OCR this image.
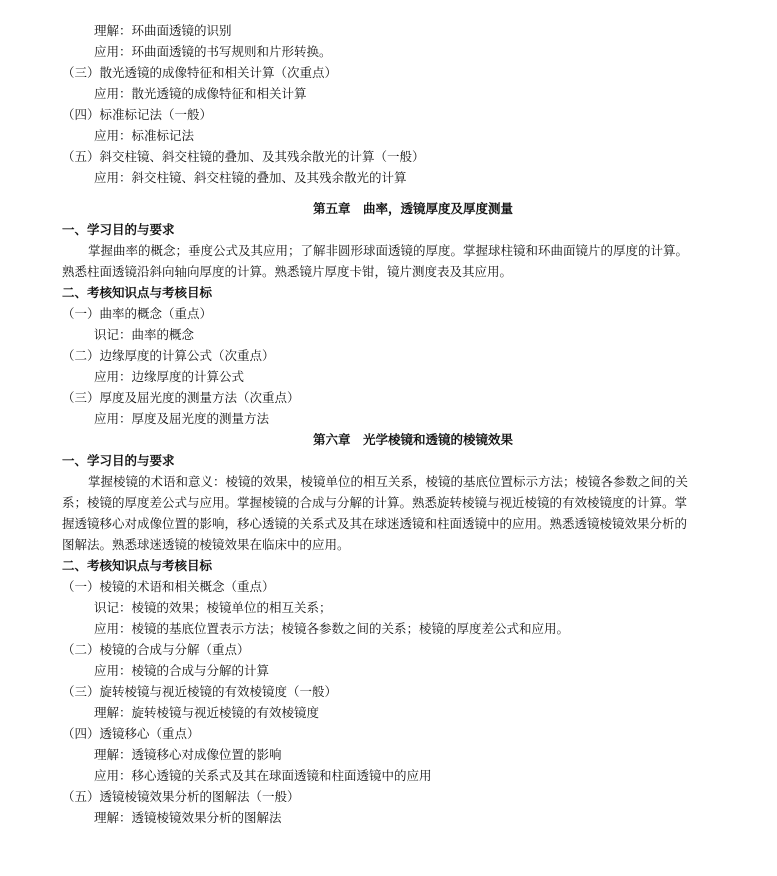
理解：环曲面透镜的识别
应用：环曲面透镜的书写规则和片形转换。
（三）散光透镜的成像特征和相关计算（次重点）
应用：散光透镜的成像特征和相关计算
（四）标准标记法（一般）
应用：标准标记法
（五）斜交柱镜、斜交柱镜的叠加、及其残余散光的计算（一般）
应用：斜交柱镜、斜交柱镜的叠加、及其残余散光的计算
第五章　曲率，透镜厚度及厚度测量
一、学习目的与要求
掌握曲率的概念；垂度公式及其应用；了解非圆形球面透镜的厚度。掌握球柱镜和环曲面镜片的厚度的计算。
熟悉柱面透镜沿斜向轴向厚度的计算。熟悉镜片厚度卡钳，镜片测度表及其应用。
二、考核知识点与考核目标
（一）曲率的概念（重点）
识记：曲率的概念
（二）边缘厚度的计算公式（次重点）
应用：边缘厚度的计算公式
（三）厚度及屈光度的测量方法（次重点）
应用：厚度及屈光度的测量方法
第六章　光学棱镜和透镜的棱镜效果
一、学习目的与要求
掌握棱镜的术语和意义：棱镜的效果，棱镜单位的相互关系，棱镜的基底位置标示方法；棱镜各参数之间的关
系；棱镜的厚度差公式与应用。掌握棱镜的合成与分解的计算。熟悉旋转棱镜与视近棱镜的有效棱镜度的计算。掌
握透镜移心对成像位置的影响，移心透镜的关系式及其在球迷透镜和柱面透镜中的应用。熟悉透镜棱镜效果分析的
图解法。熟悉球迷透镜的棱镜效果在临床中的应用。
二、考核知识点与考核目标
（一）棱镜的术语和相关概念（重点）
识记：棱镜的效果；棱镜单位的相互关系；
应用：棱镜的基底位置表示方法；棱镜各参数之间的关系；棱镜的厚度差公式和应用。
（二）棱镜的合成与分解（重点）
应用：棱镜的合成与分解的计算
（三）旋转棱镜与视近棱镜的有效棱镜度（一般）
理解：旋转棱镜与视近棱镜的有效棱镜度
（四）透镜移心（重点）
理解：透镜移心对成像位置的影响
应用：移心透镜的关系式及其在球面透镜和柱面透镜中的应用
（五）透镜棱镜效果分析的图解法（一般）
理解：透镜棱镜效果分析的图解法
